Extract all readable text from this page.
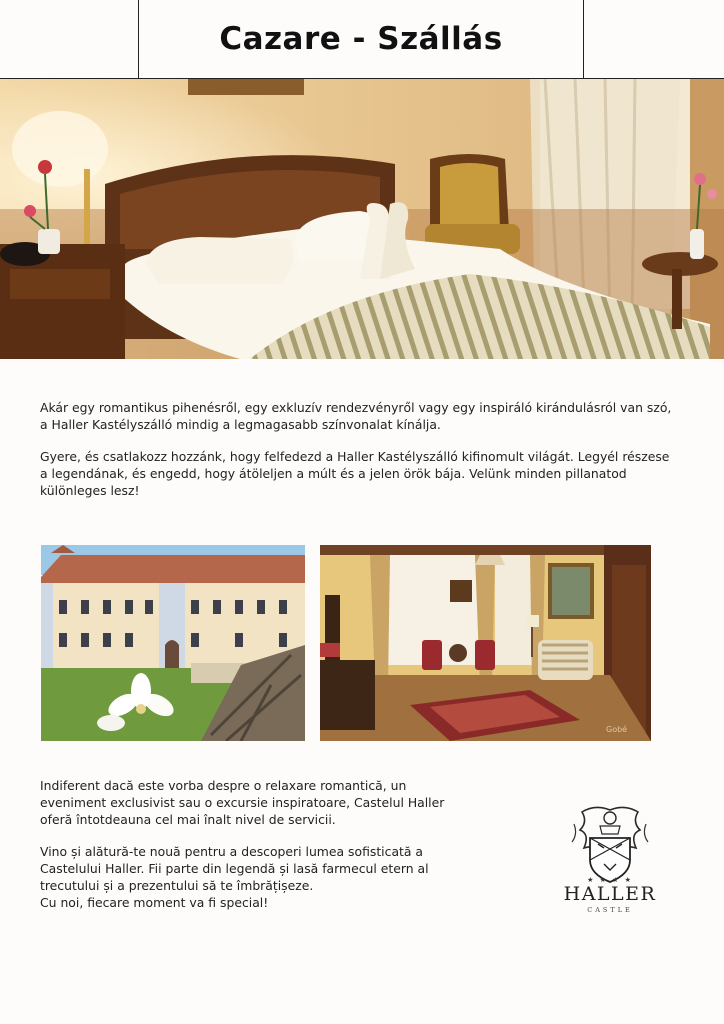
Cazare - Szállás

Akár egy romantikus pihenésről, egy exkluzív rendezvényről vagy egy inspiráló kirándulásról van szó, a Haller Kastélyszálló mindig a legmagasabb színvonalat kínálja.

Gyere, és csatlakozz hozzánk, hogy felfedezd a Haller Kastélyszálló kifinomult világát. Legyél részese a legendának, és engedd, hogy átöleljen a múlt és a jelen örök bája. Velünk minden pillanatod különleges lesz!

Gobé

Indiferent dacă este vorba despre o relaxare romantică, un eveniment exclusivist sau o excursie inspiratoare, Castelul Haller oferă întotdeauna cel mai înalt nivel de servicii.

Vino și alătură-te nouă pentru a descoperi lumea sofisticată a Castelului Haller. Fii parte din legendă și lasă farmecul etern al trecutului și a prezentului să te îmbrățișeze.

Cu noi, fiecare moment va fi special!

★ ★ ★ ★
HALLER
CASTLE
